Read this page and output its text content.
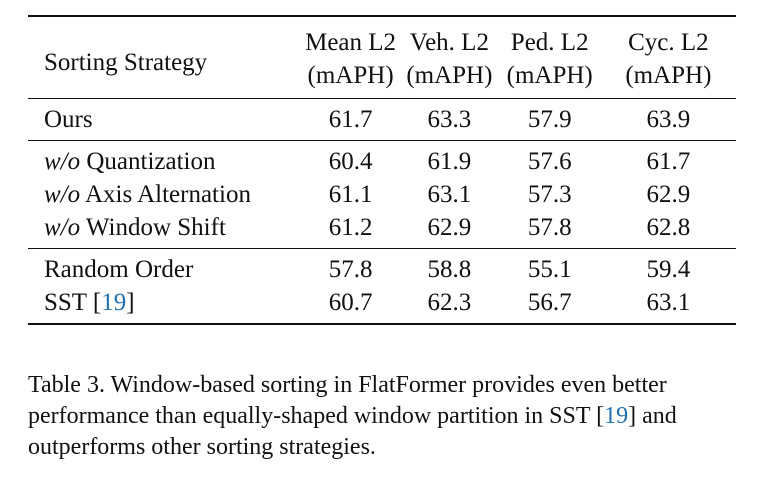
Sorting Strategy	Mean L2	Veh. L2	Ped. L2	Cyc. L2
	(mAPH)	(mAPH)	(mAPH)	(mAPH)
Ours	61.7	63.3	57.9	63.9
w/o Quantization	60.4	61.9	57.6	61.7
w/o Axis Alternation	61.1	63.1	57.3	62.9
w/o Window Shift	61.2	62.9	57.8	62.8
Random Order	57.8	58.8	55.1	59.4
SST [19]	60.7	62.3	56.7	63.1
Table 3. Window-based sorting in FlatFormer provides even better performance than equally-shaped window partition in SST [19] and outperforms other sorting strategies.
